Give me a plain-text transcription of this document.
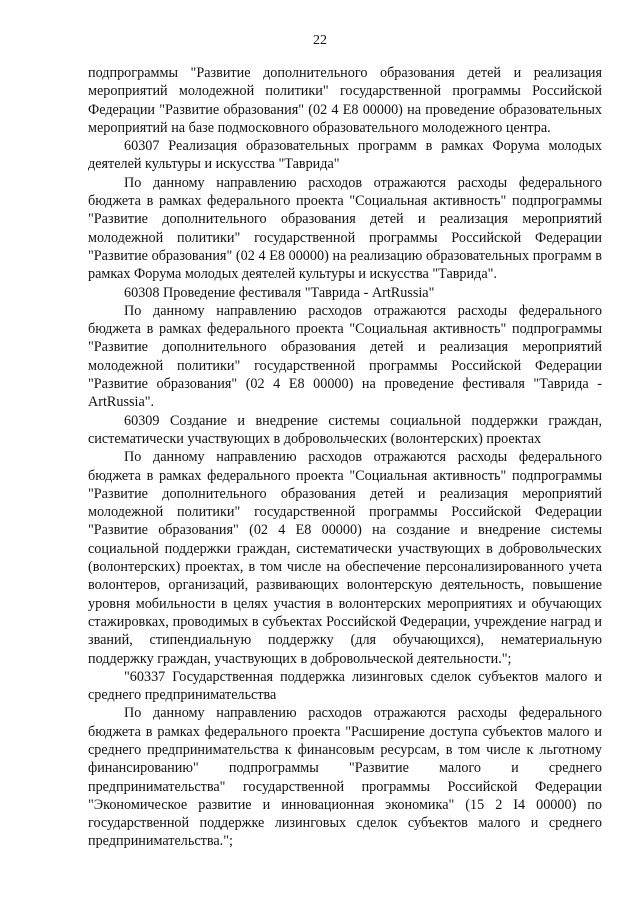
22

подпрограммы "Развитие дополнительного образования детей и реализация мероприятий молодежной политики" государственной программы Российской Федерации "Развитие образования" (02 4 E8 00000) на проведение образовательных мероприятий на базе подмосковного образовательного молодежного центра.

60307 Реализация образовательных программ в рамках Форума молодых деятелей культуры и искусства "Таврида"

По данному направлению расходов отражаются расходы федерального бюджета в рамках федерального проекта "Социальная активность" подпрограммы "Развитие дополнительного образования детей и реализация мероприятий молодежной политики" государственной программы Российской Федерации "Развитие образования" (02 4 E8 00000) на реализацию образовательных программ в рамках Форума молодых деятелей культуры и искусства "Таврида".

60308 Проведение фестиваля "Таврида - ArtRussia"

По данному направлению расходов отражаются расходы федерального бюджета в рамках федерального проекта "Социальная активность" подпрограммы "Развитие дополнительного образования детей и реализация мероприятий молодежной политики" государственной программы Российской Федерации "Развитие образования" (02 4 E8 00000) на проведение фестиваля "Таврида - ArtRussia".

60309 Создание и внедрение системы социальной поддержки граждан, систематически участвующих в добровольческих (волонтерских) проектах

По данному направлению расходов отражаются расходы федерального бюджета в рамках федерального проекта "Социальная активность" подпрограммы "Развитие дополнительного образования детей и реализация мероприятий молодежной политики" государственной программы Российской Федерации "Развитие образования" (02 4 E8 00000) на создание и внедрение системы социальной поддержки граждан, систематически участвующих в добровольческих (волонтерских) проектах, в том числе на обеспечение персонализированного учета волонтеров, организаций, развивающих волонтерскую деятельность, повышение уровня мобильности в целях участия в волонтерских мероприятиях и обучающих стажировках, проводимых в субъектах Российской Федерации, учреждение наград и званий, стипендиальную поддержку (для обучающихся), нематериальную поддержку граждан, участвующих в добровольческой деятельности.";

"60337 Государственная поддержка лизинговых сделок субъектов малого и среднего предпринимательства

По данному направлению расходов отражаются расходы федерального бюджета в рамках федерального проекта "Расширение доступа субъектов малого и среднего предпринимательства к финансовым ресурсам, в том числе к льготному финансированию" подпрограммы "Развитие малого и среднего предпринимательства" государственной программы Российской Федерации "Экономическое развитие и инновационная экономика" (15 2 I4 00000) по государственной поддержке лизинговых сделок субъектов малого и среднего предпринимательства.";
